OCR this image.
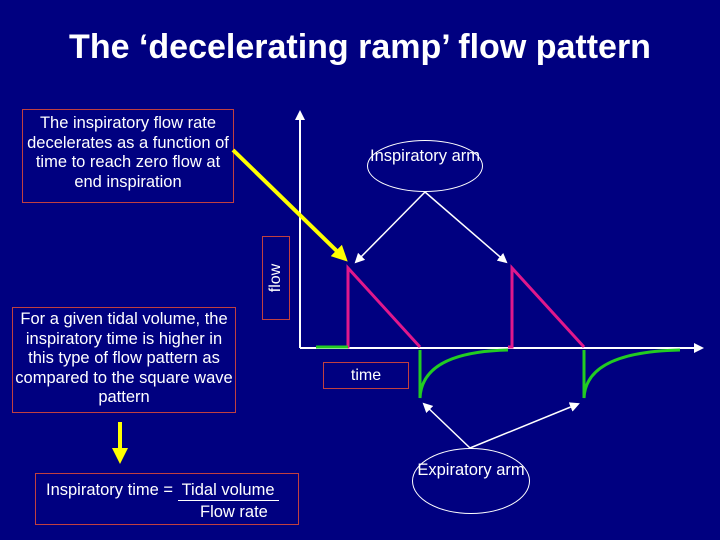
The ‘decelerating ramp’ flow pattern
The inspiratory flow rate decelerates as a function of time to reach zero flow at end inspiration
For a given tidal volume, the inspiratory time is higher in this type of flow pattern as compared to the square wave pattern
Inspiratory time = Tidal volume
Flow rate
flow
time
Inspiratory arm
Expiratory arm
